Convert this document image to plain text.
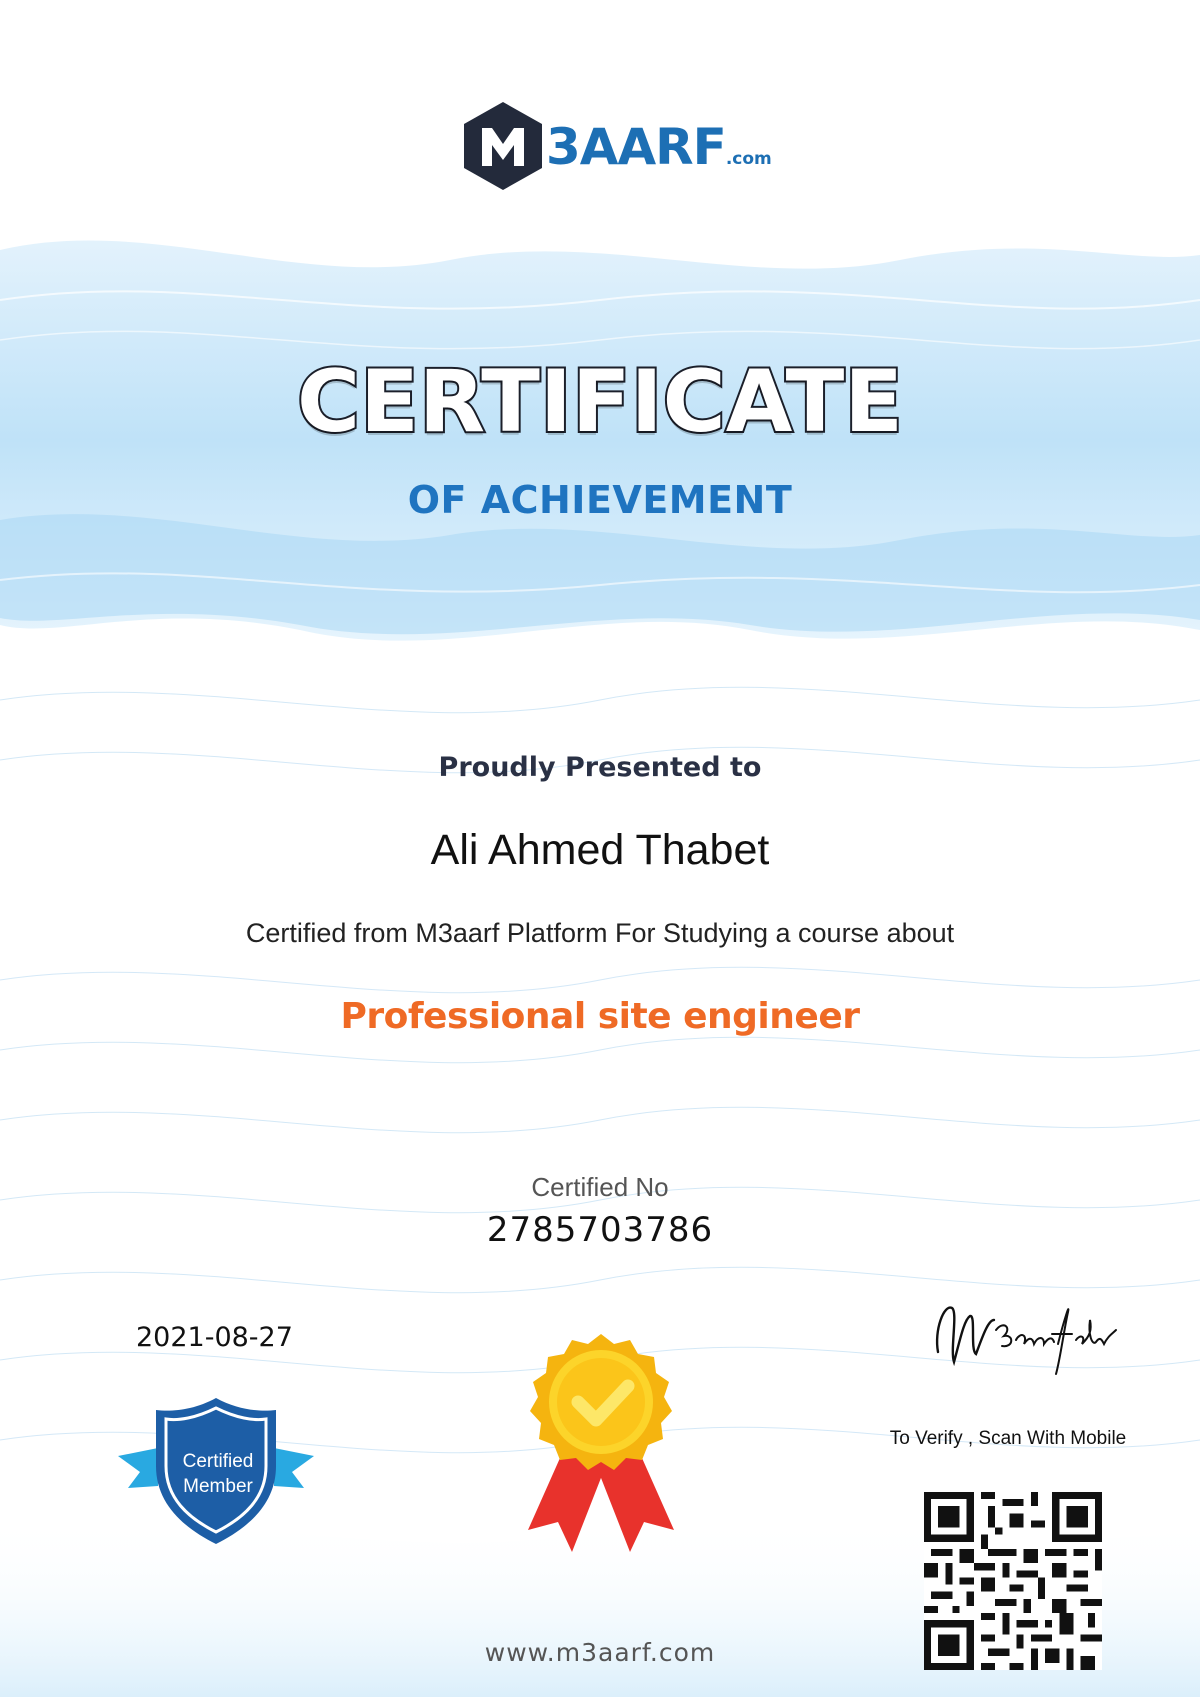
3AARF.com
CERTIFICATE
OF ACHIEVEMENT
Proudly Presented to
Ali Ahmed Thabet
Certified from M3aarf Platform For Studying a course about
Professional site engineer
Certified No
2785703786
2021-08-27
Certified
Member
To Verify , Scan With Mobile
www.m3aarf.com
